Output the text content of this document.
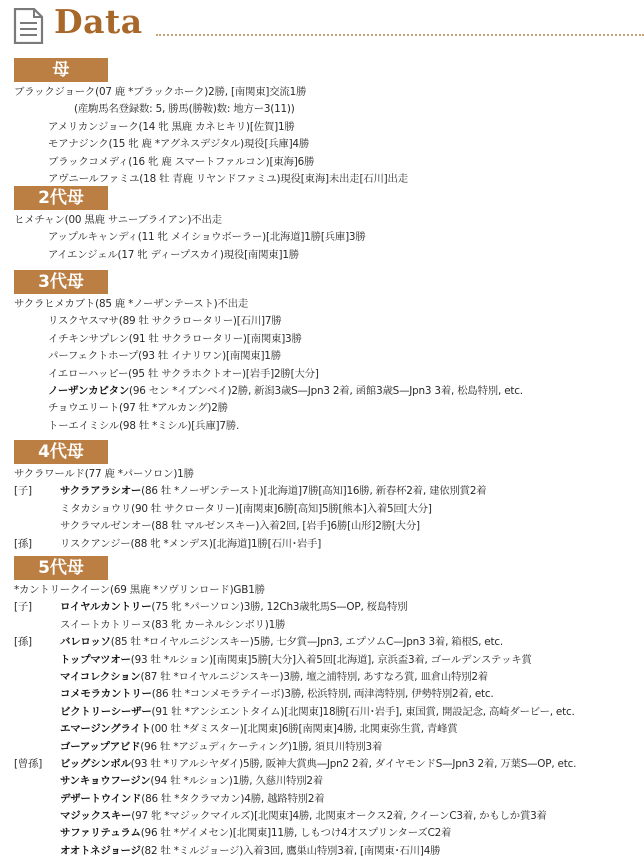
Data
母
ブラックジョーク(07 鹿 *ブラックホーク)2勝, [南関東]交流1勝
(産駒馬名登録数: 5, 勝馬(勝鞍)数: 地方ー3(11))
アメリカンジョーク(14 牝 黒鹿 カネヒキリ)[佐賀]1勝
モアナジンク(15 牝 鹿 *アグネスデジタル)現役[兵庫]4勝
ブラックコメディ(16 牝 鹿 スマートファルコン)[東海]6勝
アヴニールファミユ(18 牡 青鹿 リヤンドファミユ)現役[東海]未出走[石川]出走
2代母
ヒメチャン(00 黒鹿 サニーブライアン)不出走
アップルキャンディ(11 牝 メイショウボーラー)[北海道]1勝[兵庫]3勝
アイエンジェル(17 牝 ディープスカイ)現役[南関東]1勝
3代母
サクラヒメカブト(85 鹿 *ノーザンテースト)不出走
リスクヤスマサ(89 牡 サクラロータリー)[石川]7勝
イチキンサプレン(91 牡 サクラロータリー)[南関東]3勝
パーフェクトホープ(93 牡 イナリワン)[南関東]1勝
イエローハッピー(95 牡 サクラホクトオー)[岩手]2勝[大分]
ノーザンカピタン(96 セン *イブンベイ)2勝, 新潟3歳S—Jpn3 2着, 函館3歳S—Jpn3 3着, 松島特別, etc.
チョウエリート(97 牡 *アルカング)2勝
トーエイミシル(98 牡 *ミシル)[兵庫]7勝.
4代母
サクラワールド(77 鹿 *パーソロン)1勝
[子]	サクラアラシオー(86 牡 *ノーザンテースト)[北海道]7勝[高知]16勝, 新春杯2着, 建依別賞2着
ミタカショウリ(90 牡 サクロータリー)[南関東]6勝[高知]5勝[熊本]入着5回[大分]
サクラマルゼンオー(88 牡 マルゼンスキー)入着2回, [岩手]6勝[山形]2勝[大分]
[孫]	リスクアンジー(88 牝 *メンデス)[北海道]1勝[石川･岩手]
5代母
*カントリークイーン(69 黒鹿 *ソヴリンロード)GB1勝
[子]	ロイヤルカントリー(75 牝 *パーソロン)3勝, 12Ch3歳牝馬S—OP, 桜島特別
スイートカトリーヌ(83 牝 カーネルシンボリ)1勝
[孫]	バレロッソ(85 牡 *ロイヤルニジンスキー)5勝, 七夕賞—Jpn3, エプソムC—Jpn3 3着, 箱根S, etc.
トップマツオー(93 牡 *ルション)[南関東]5勝[大分]入着5回[北海道], 京浜盃3着, ゴールデンステッキ賞
マイコレクション(87 牡 *ロイヤルニジンスキー)3勝, 壇之浦特別, あすなろ賞, 皿倉山特別2着
コメモラカントリー(86 牡 *コンメモラテイーボ)3勝, 松浜特別, 両津湾特別, 伊勢特別2着, etc.
ビクトリーシーザー(91 牡 *アンシエントタイム)[北関東]18勝[石川･岩手], 東国賞, 開設記念, 高崎ダービー, etc.
エマージングライト(00 牡 *ダミスター)[北関東]6勝[南関東]4勝, 北関東弥生賞, 青峰賞
ゴーアップアビド(96 牡 *アジュディケーティング)1勝, 須貝川特別3着
[曾孫] ビッグシンボル(93 牡 *リアルシヤダイ)5勝, 阪神大賞典—Jpn2 2着, ダイヤモンドS—Jpn3 2着, 万葉S—OP, etc.
サンキョウフージン(94 牡 *ルション)1勝, 久慈川特別2着
デザートウインド(86 牡 *タクラマカン)4勝, 越路特別2着
マジックスキー(97 牝 *マジックマイルズ)[北関東]4勝, 北関東オークス2着, クイーンC3着, かもしか賞3着
サファリテュラム(96 牡 *ゲイメセン)[北関東]11勝, しもつけ4才スプリンターズC2着
オオトネジョージ(82 牡 *ミルジョージ)入着3回, 鷹巣山特別3着, [南関東･石川]4勝
